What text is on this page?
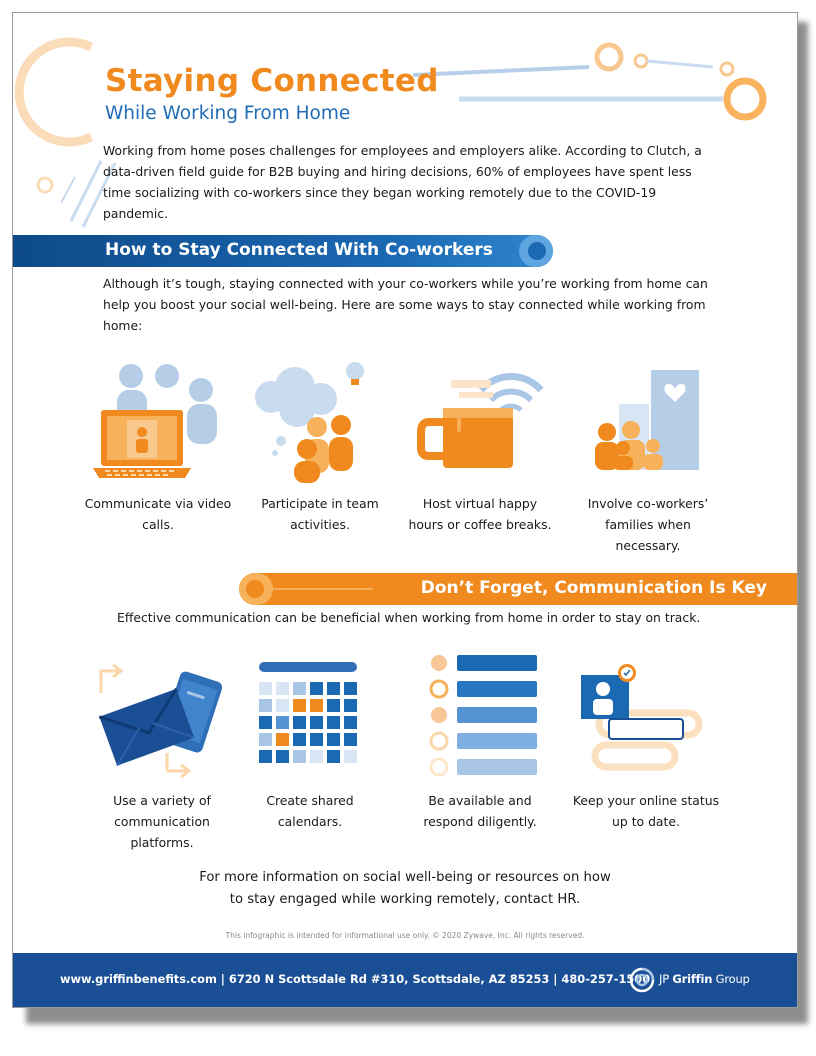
Staying Connected
While Working From Home
Working from home poses challenges for employees and employers alike. According to Clutch, a data-driven field guide for B2B buying and hiring decisions, 60% of employees have spent less time socializing with co-workers since they began working remotely due to the COVID-19 pandemic.
How to Stay Connected With Co-workers
Although it’s tough, staying connected with your co-workers while you’re working from home can help you boost your social well-being. Here are some ways to stay connected while working from home:
Communicate via video calls.
Participate in team activities.
Host virtual happy hours or coffee breaks.
Involve co-workers’ families when necessary.
Don’t Forget, Communication Is Key
Effective communication can be beneficial when working from home in order to stay on track.
Use a variety of communication platforms.
Create shared calendars.
Be available and respond diligently.
Keep your online status up to date.
For more information on social well-being or resources on how to stay engaged while working remotely, contact HR.
This infographic is intended for informational use only. © 2020 Zywave, Inc. All rights reserved.
www.griffinbenefits.com | 6720 N Scottsdale Rd #310, Scottsdale, AZ 85253 | 480-257-1500 JP Griffin Group
